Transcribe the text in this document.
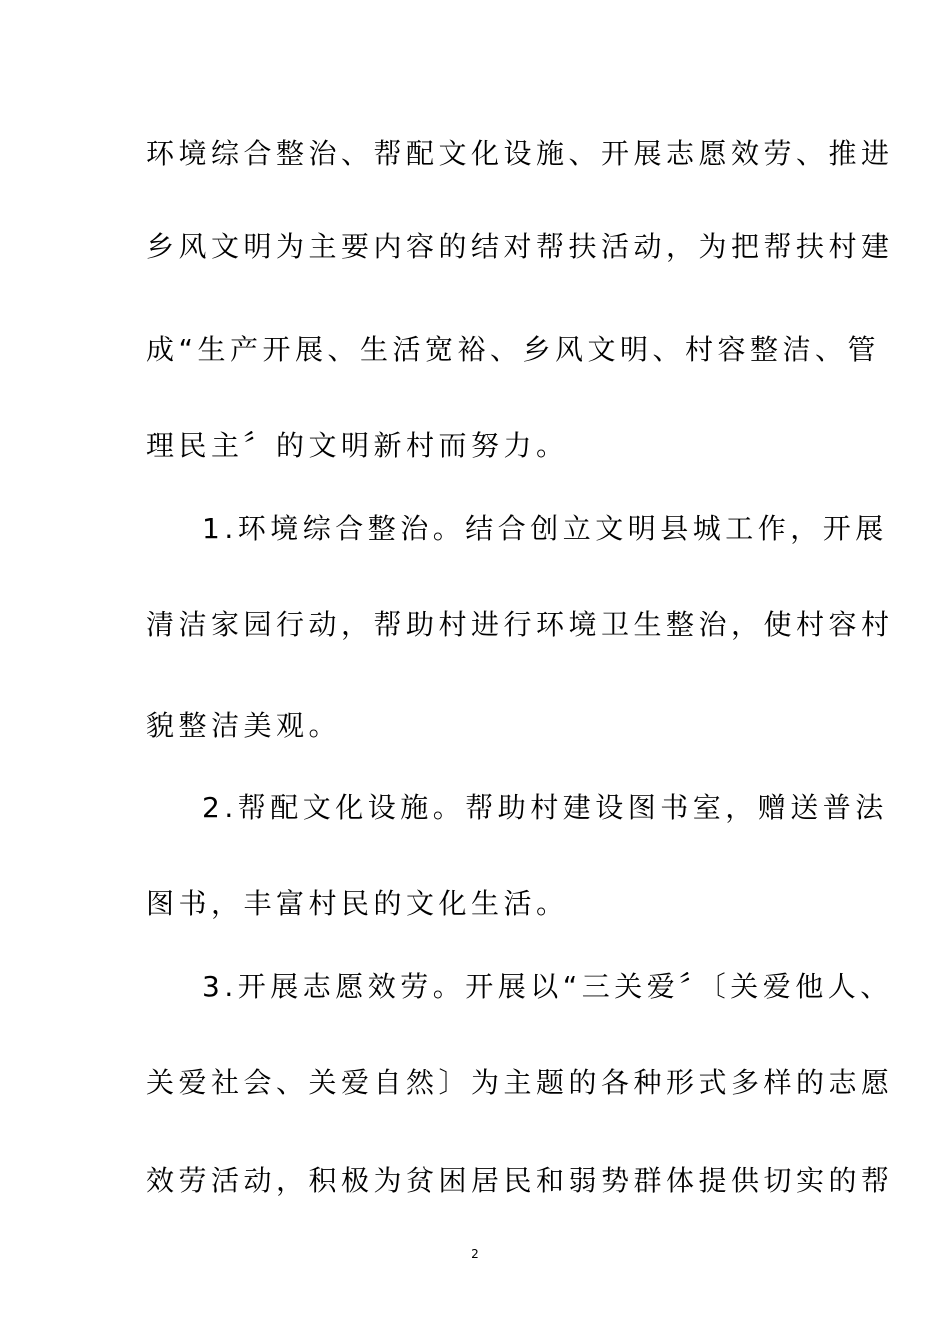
环境综合整治、帮配文化设施、开展志愿效劳、推进
乡风文明为主要内容的结对帮扶活动，为把帮扶村建
成“生产开展、生活宽裕、乡风文明、村容整洁、管
理民主〞的文明新村而努力。
1.环境综合整治。结合创立文明县城工作，开展
清洁家园行动，帮助村进行环境卫生整治，使村容村
貌整洁美观。
2.帮配文化设施。帮助村建设图书室，赠送普法
图书，丰富村民的文化生活。
3.开展志愿效劳。开展以“三关爱〞〔关爱他人、
关爱社会、关爱自然〕为主题的各种形式多样的志愿
效劳活动，积极为贫困居民和弱势群体提供切实的帮
2
